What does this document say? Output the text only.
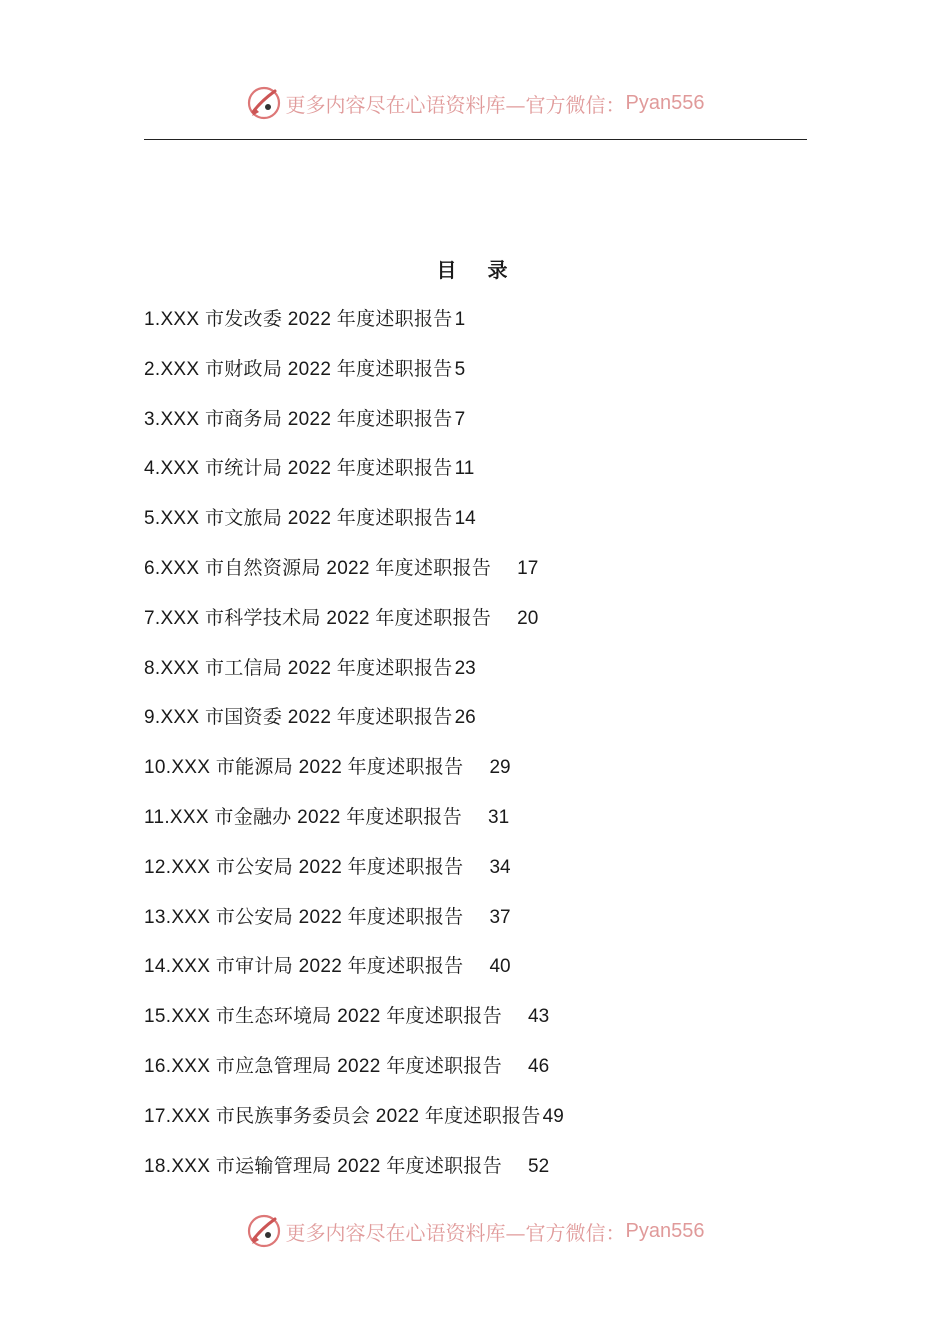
更多内容尽在心语资料库—官方微信： Pyan556
目 录
1.XXX 市发改委 2022 年度述职报告 1
2.XXX 市财政局 2022 年度述职报告 5
3.XXX 市商务局 2022 年度述职报告 7
4.XXX 市统计局 2022 年度述职报告 11
5.XXX 市文旅局 2022 年度述职报告 14
6.XXX 市自然资源局 2022 年度述职报告 17
7.XXX 市科学技术局 2022 年度述职报告 20
8.XXX 市工信局 2022 年度述职报告 23
9.XXX 市国资委 2022 年度述职报告 26
10.XXX 市能源局 2022 年度述职报告 29
11.XXX 市金融办 2022 年度述职报告 31
12.XXX 市公安局 2022 年度述职报告 34
13.XXX 市公安局 2022 年度述职报告 37
14.XXX 市审计局 2022 年度述职报告 40
15.XXX 市生态环境局 2022 年度述职报告 43
16.XXX 市应急管理局 2022 年度述职报告 46
17.XXX 市民族事务委员会 2022 年度述职报告 49
18.XXX 市运输管理局 2022 年度述职报告 52
更多内容尽在心语资料库—官方微信： Pyan556
